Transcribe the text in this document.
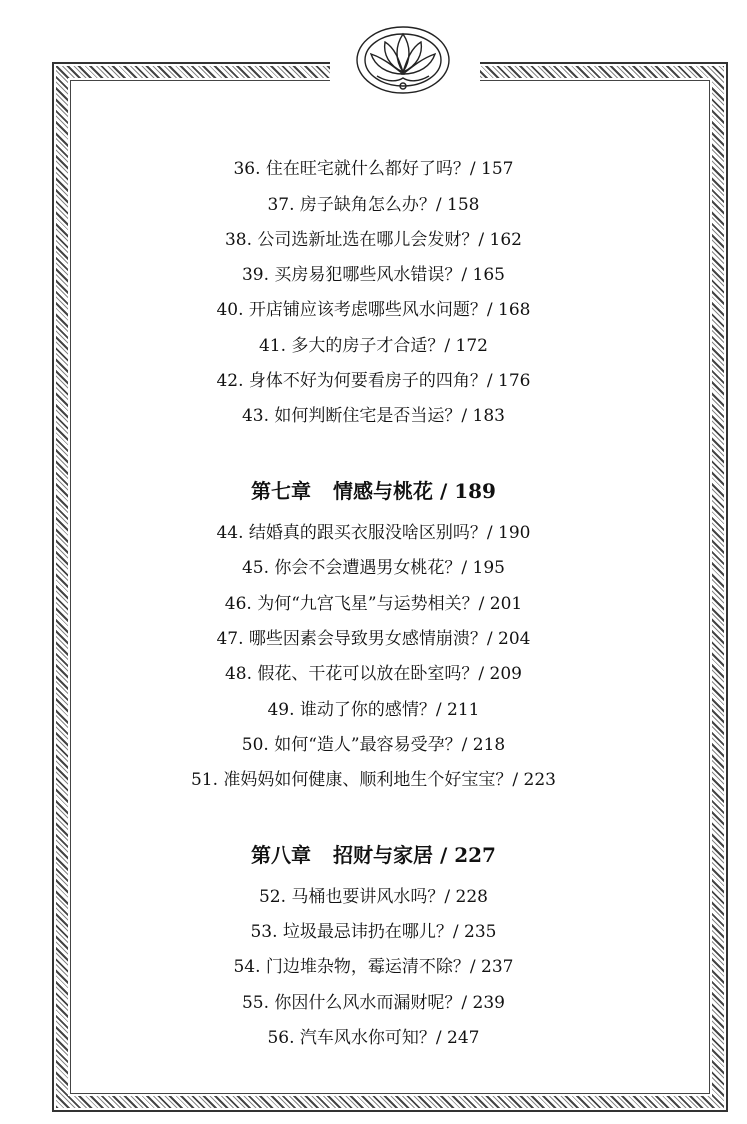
36. 住在旺宅就什么都好了吗？/ 157
37. 房子缺角怎么办？/ 158
38. 公司选新址选在哪儿会发财？/ 162
39. 买房易犯哪些风水错误？/ 165
40. 开店铺应该考虑哪些风水问题？/ 168
41. 多大的房子才合适？/ 172
42. 身体不好为何要看房子的四角？/ 176
43. 如何判断住宅是否当运？/ 183
第七章 情感与桃花 / 189
44. 结婚真的跟买衣服没啥区别吗？/ 190
45. 你会不会遭遇男女桃花？/ 195
46. 为何“九宫飞星”与运势相关？/ 201
47. 哪些因素会导致男女感情崩溃？/ 204
48. 假花、干花可以放在卧室吗？/ 209
49. 谁动了你的感情？/ 211
50. 如何“造人”最容易受孕？/ 218
51. 准妈妈如何健康、顺利地生个好宝宝？/ 223
第八章 招财与家居 / 227
52. 马桶也要讲风水吗？/ 228
53. 垃圾最忌讳扔在哪儿？/ 235
54. 门边堆杂物，霉运清不除？/ 237
55. 你因什么风水而漏财呢？/ 239
56. 汽车风水你可知？/ 247
